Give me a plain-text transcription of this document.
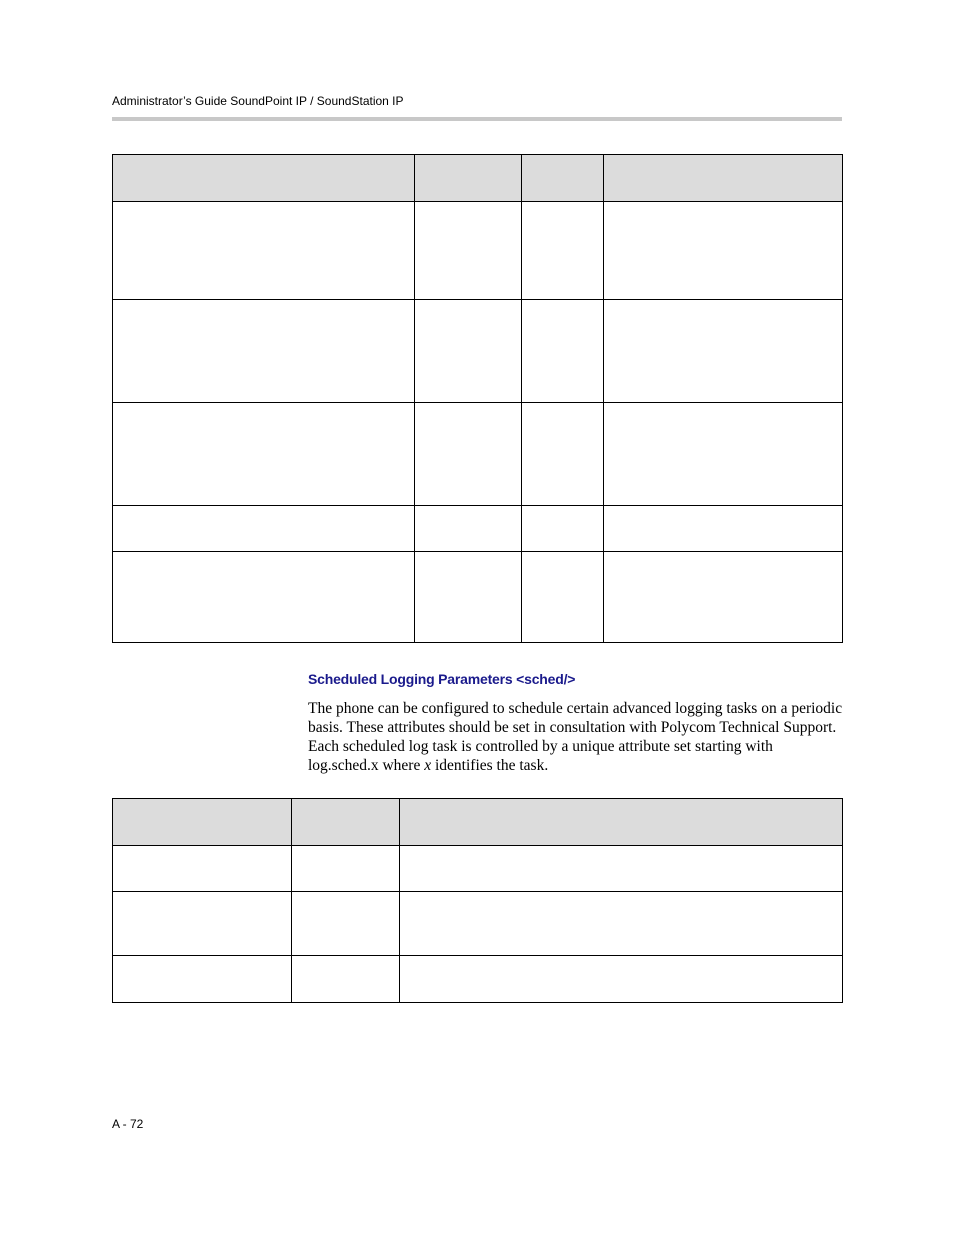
Administrator’s Guide SoundPoint IP / SoundStation IP

Scheduled Logging Parameters <sched/>
The phone can be configured to schedule certain advanced logging tasks on a periodic basis. These attributes should be set in consultation with Polycom Technical Support. Each scheduled log task is controlled by a unique attribute set starting with log.sched.x where x identifies the task.

A - 72
